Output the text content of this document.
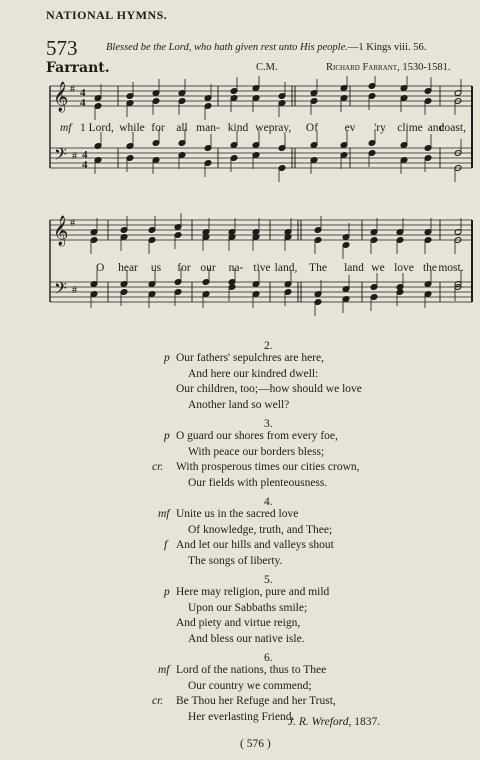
NATIONAL HYMNS.
573	Blessed be the Lord, who hath given rest unto His people.—1 Kings viii. 56.
Farrant.	C.M.	Richard Farrant, 1530-1581.
𝄞
𝄢
#
#
4
4
4
4
mf 1 Lord, while for all man- kind we pray, Of ev 'ry clime and
coast,
𝄞
𝄢
#
#
O hear us for our na- tive land, The land we love the most.
2.
p Our fathers' sepulchres are here,
And here our kindred dwell:
Our children, too;—how should we love
Another land so well?
3.
p O guard our shores from every foe,
With peace our borders bless;
cr. With prosperous times our cities crown,
Our fields with plenteousness.
4.
mf Unite us in the sacred love
Of knowledge, truth, and Thee;
f And let our hills and valleys shout
The songs of liberty.
5.
p Here may religion, pure and mild
Upon our Sabbaths smile;
And piety and virtue reign,
And bless our native isle.
6.
mf Lord of the nations, thus to Thee
Our country we commend;
cr. Be Thou her Refuge and her Trust,
Her everlasting Friend.
J. R. Wreford, 1837.
( 576 )
